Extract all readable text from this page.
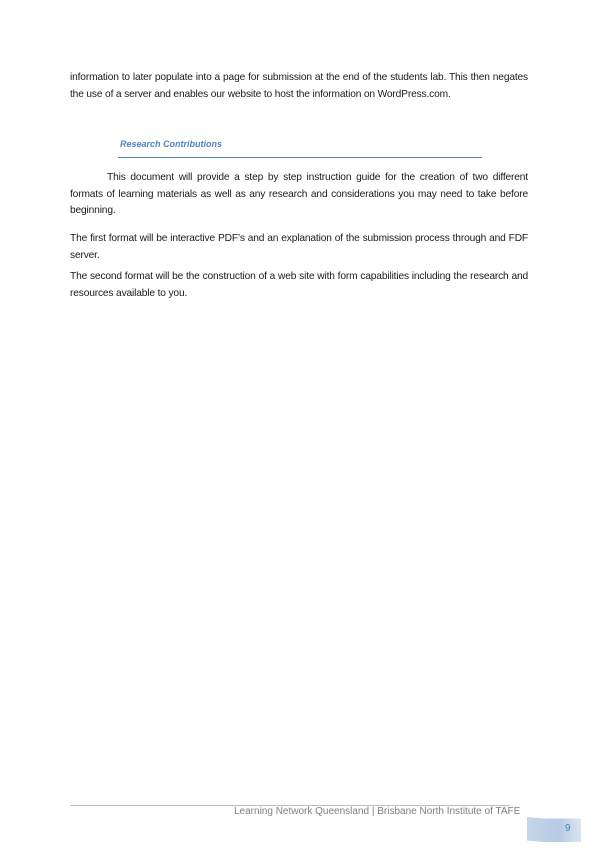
information to later populate into a page for submission at the end of the students lab. This then negates the use of a server and enables our website to host the information on WordPress.com.

Research Contributions

This document will provide a step by step instruction guide for the creation of two different formats of learning materials as well as any research and considerations you may need to take before beginning.

The first format will be interactive PDF’s and an explanation of the submission process through and FDF server.

The second format will be the construction of a web site with form capabilities including the research and resources available to you.

Learning Network Queensland | Brisbane North Institute of TAFE
9
